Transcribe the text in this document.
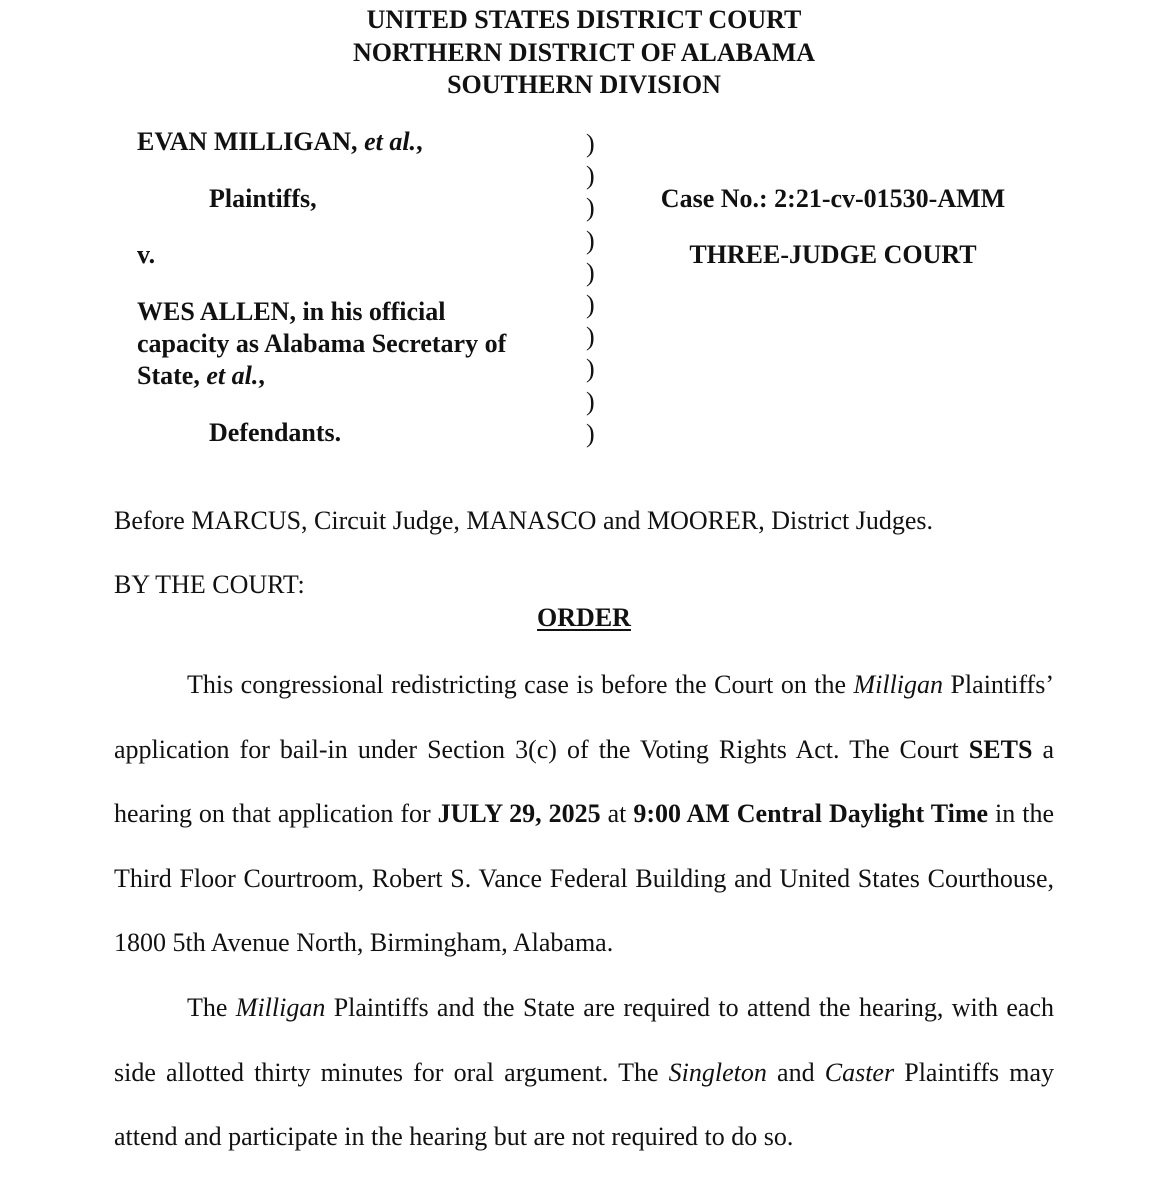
UNITED STATES DISTRICT COURT
NORTHERN DISTRICT OF ALABAMA
SOUTHERN DIVISION
EVAN MILLIGAN, et al.,
Plaintiffs,
v.
WES ALLEN, in his official
capacity as Alabama Secretary of
State, et al.,
Defendants.
)
)
)
)
)
)
)
)
)
)
Case No.: 2:21-cv-01530-AMM
THREE-JUDGE COURT
Before MARCUS, Circuit Judge, MANASCO and MOORER, District Judges.
BY THE COURT:
ORDER

This congressional redistricting case is before the Court on the Milligan Plaintiffs’ application for bail-in under Section 3(c) of the Voting Rights Act. The Court SETS a hearing on that application for JULY 29, 2025 at 9:00 AM Central Daylight Time in the Third Floor Courtroom, Robert S. Vance Federal Building and United States Courthouse, 1800 5th Avenue North, Birmingham, Alabama.

The Milligan Plaintiffs and the State are required to attend the hearing, with each side allotted thirty minutes for oral argument. The Singleton and Caster Plaintiffs may attend and participate in the hearing but are not required to do so.
